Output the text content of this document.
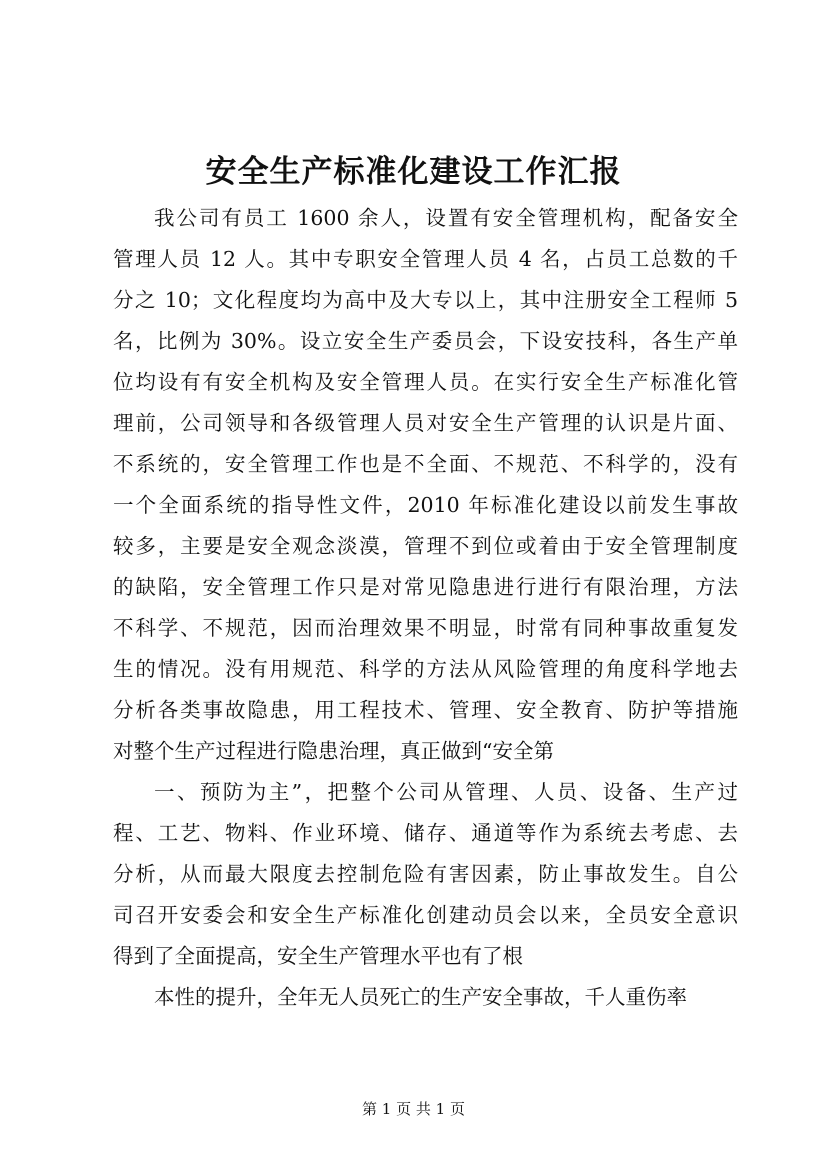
安全生产标准化建设工作汇报
我公司有员工 1600 余人，设置有安全管理机构，配备安全
管理人员 12 人。其中专职安全管理人员 4 名，占员工总数的千
分之 10；文化程度均为高中及大专以上，其中注册安全工程师 5
名，比例为 30%。设立安全生产委员会，下设安技科，各生产单
位均设有有安全机构及安全管理人员。在实行安全生产标准化管
理前，公司领导和各级管理人员对安全生产管理的认识是片面、
不系统的，安全管理工作也是不全面、不规范、不科学的，没有
一个全面系统的指导性文件，2010 年标准化建设以前发生事故
较多，主要是安全观念淡漠，管理不到位或着由于安全管理制度
的缺陷，安全管理工作只是对常见隐患进行进行有限治理，方法
不科学、不规范，因而治理效果不明显，时常有同种事故重复发
生的情况。没有用规范、科学的方法从风险管理的角度科学地去
分析各类事故隐患，用工程技术、管理、安全教育、防护等措施
对整个生产过程进行隐患治理，真正做到“安全第
一、预防为主”，把整个公司从管理、人员、设备、生产过
程、工艺、物料、作业环境、储存、通道等作为系统去考虑、去
分析，从而最大限度去控制危险有害因素，防止事故发生。自公
司召开安委会和安全生产标准化创建动员会以来，全员安全意识
得到了全面提高，安全生产管理水平也有了根
本性的提升，全年无人员死亡的生产安全事故，千人重伤率

第 1 页 共 1 页
